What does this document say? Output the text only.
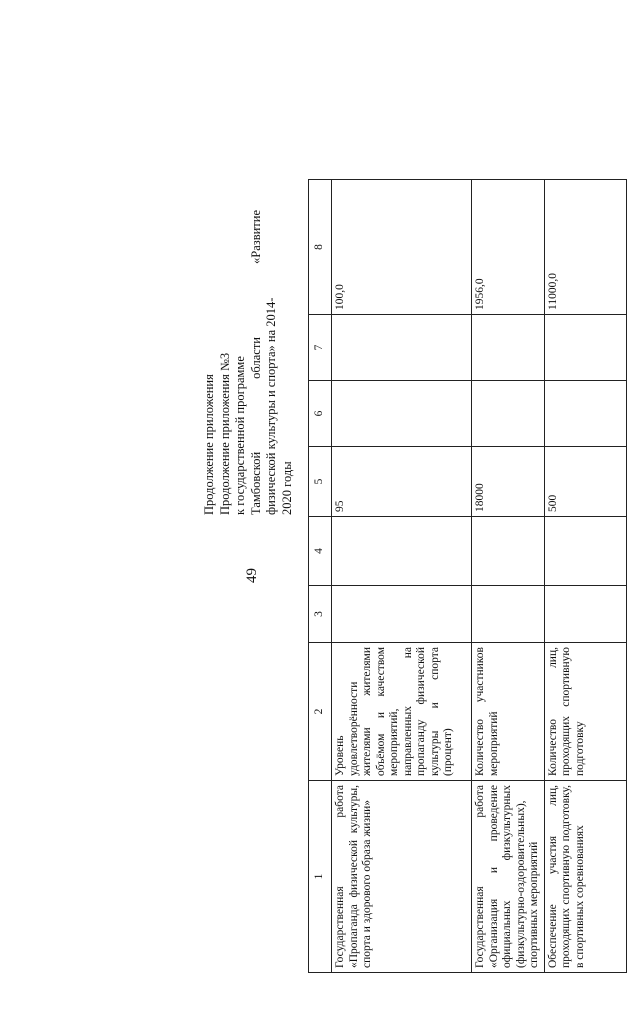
49
Продолжение приложения Продолжение приложения №3 к государственной программе Тамбовской
области
«Развитие
физической культуры и спорта» на 2014- 2020 годы
1	2	3	4	5	6	7	8
Государственная работа «Пропаганда физической культуры, спорта и здорового образа жизни»	Уровень удовлетворённости жителями жителями объёмом и качеством мероприятий, направленных на пропаганду физической культуры и спорта (процент)			95			100,0
Государственная работа «Организация и проведение официальных физкультурных (физкультурно-оздоровительных), спортивных мероприятий	Количество участников мероприятий			18000			1956,0
Обеспечение участия лиц, проходящих спортивную подготовку, в спортивных соревнованиях	Количество лиц, проходящих спортивную подготовку			500			11000,0
